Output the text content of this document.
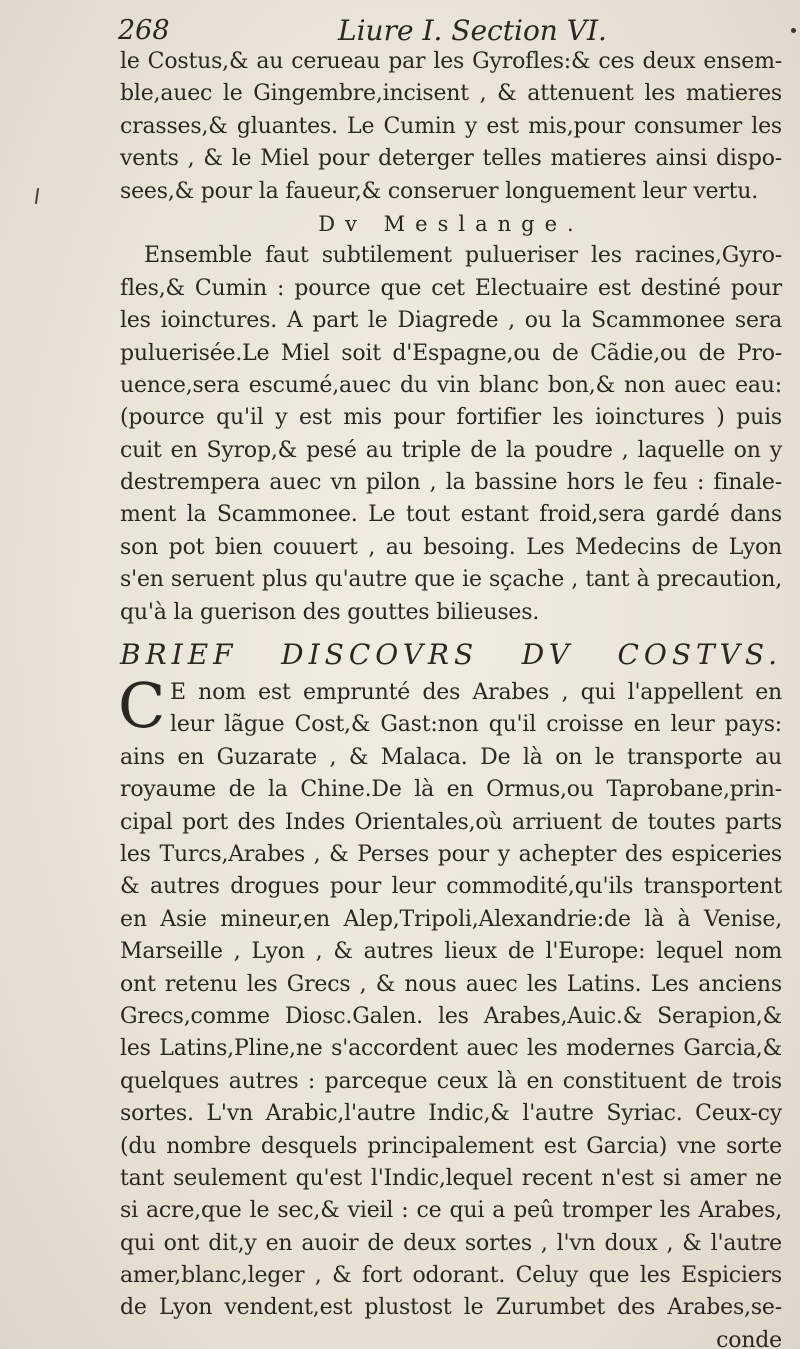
268	Liure I. Section VI.
le Costus,& au cerueau par les Gyrofles:& ces deux ensem-
ble,auec le Gingembre,incisent , & attenuent les matieres
crasses,& gluantes. Le Cumin y est mis,pour consumer les
vents , & le Miel pour deterger telles matieres ainsi dispo-
sees,& pour la faueur,& conseruer longuement leur vertu.
Dv Meslange.
Ensemble faut subtilement pulueriser les racines,Gyro-
fles,& Cumin : pource que cet Electuaire est destiné pour
les ioinctures. A part le Diagrede , ou la Scammonee sera
puluerisée.Le Miel soit d'Espagne,ou de Cãdie,ou de Pro-
uence,sera escumé,auec du vin blanc bon,& non auec eau:
(pource qu'il y est mis pour fortifier les ioinctures ) puis
cuit en Syrop,& pesé au triple de la poudre , laquelle on y
destrempera auec vn pilon , la bassine hors le feu : finale-
ment la Scammonee. Le tout estant froid,sera gardé dans
son pot bien couuert , au besoing. Les Medecins de Lyon
s'en seruent plus qu'autre que ie sçache , tant à precaution,
qu'à la guerison des gouttes bilieuses.
BRIEF DISCOVRS DV COSTVS.
C E nom est emprunté des Arabes , qui l'appellent en
leur lãgue Cost,& Gast:non qu'il croisse en leur pays:
ains en Guzarate , & Malaca. De là on le transporte au
royaume de la Chine.De là en Ormus,ou Taprobane,prin-
cipal port des Indes Orientales,où arriuent de toutes parts
les Turcs,Arabes , & Perses pour y achepter des espiceries
& autres drogues pour leur commodité,qu'ils transportent
en Asie mineur,en Alep,Tripoli,Alexandrie:de là à Venise,
Marseille , Lyon , & autres lieux de l'Europe: lequel nom
ont retenu les Grecs , & nous auec les Latins. Les anciens
Grecs,comme Diosc.Galen. les Arabes,Auic.& Serapion,&
les Latins,Pline,ne s'accordent auec les modernes Garcia,&
quelques autres : parceque ceux là en constituent de trois
sortes. L'vn Arabic,l'autre Indic,& l'autre Syriac. Ceux-cy
(du nombre desquels principalement est Garcia) vne sorte
tant seulement qu'est l'Indic,lequel recent n'est si amer ne
si acre,que le sec,& vieil : ce qui a peû tromper les Arabes,
qui ont dit,y en auoir de deux sortes , l'vn doux , & l'autre
amer,blanc,leger , & fort odorant. Celuy que les Espiciers
de Lyon vendent,est plustost le Zurumbet des Arabes,se-
conde
